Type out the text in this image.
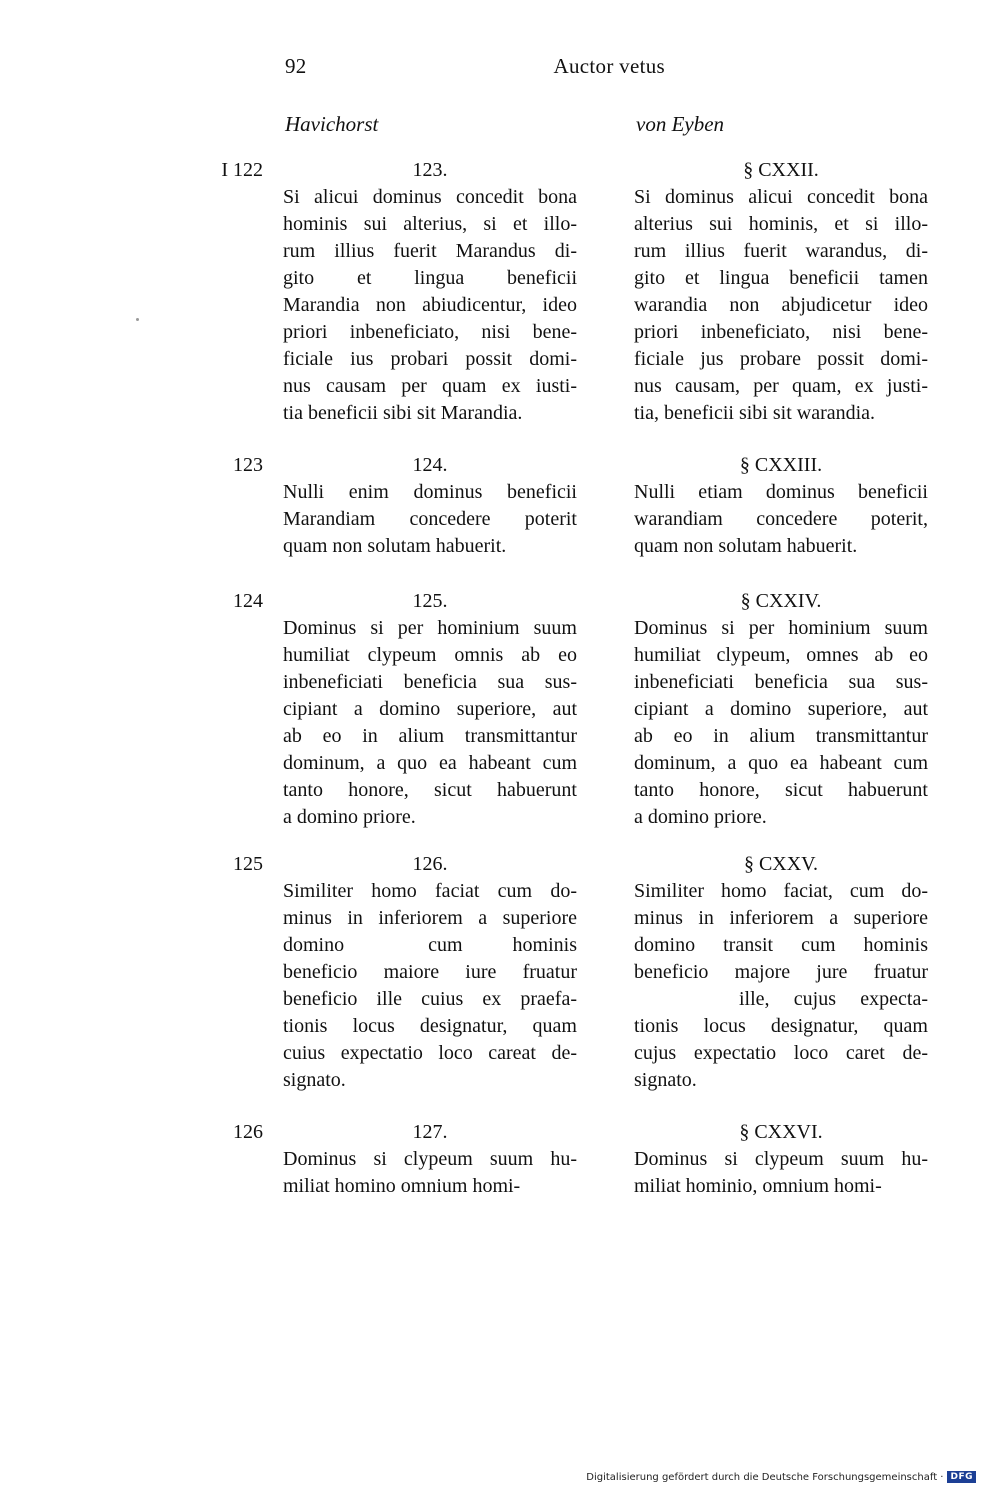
92	Auctor vetus
Havichorst	von Eyben
I 122	123.
Si alicui dominus concedit bona
hominis sui alterius, si et illo-
rum illius fuerit Marandus di-
gito et lingua beneficii
Marandia non abiudicentur, ideo
priori inbeneficiato, nisi bene-
ficiale ius probari possit domi-
nus causam per quam ex iusti-
tia beneficii sibi sit Marandia.
§ CXXII.
Si dominus alicui concedit bona
alterius sui hominis, et si illo-
rum illius fuerit warandus, di-
gito et lingua beneficii tamen
warandia non abjudicetur ideo
priori inbeneficiato, nisi bene-
ficiale jus probare possit domi-
nus causam, per quam, ex justi-
tia, beneficii sibi sit warandia.
123	124.
Nulli enim dominus beneficii
Marandiam concedere poterit
quam non solutam habuerit.
§ CXXIII.
Nulli etiam dominus beneficii
warandiam concedere poterit,
quam non solutam habuerit.
124	125.
Dominus si per hominium suum
humiliat clypeum omnis ab eo
inbeneficiati beneficia sua sus-
cipiant a domino superiore, aut
ab eo in alium transmittantur
dominum, a quo ea habeant cum
tanto honore, sicut habuerunt
a domino priore.
§ CXXIV.
Dominus si per hominium suum
humiliat clypeum, omnes ab eo
inbeneficiati beneficia sua sus-
cipiant a domino superiore, aut
ab eo in alium transmittantur
dominum, a quo ea habeant cum
tanto honore, sicut habuerunt
a domino priore.
125	126.
Similiter homo faciat cum do-
minus in inferiorem a superiore
domino	cum hominis
beneficio maiore iure fruatur
beneficio ille cuius ex praefa-
tionis locus designatur, quam
cuius expectatio loco careat de-
signato.
§ CXXV.
Similiter homo faciat, cum do-
minus in inferiorem a superiore
domino transit cum hominis
beneficio majore jure fruatur
ille, cujus expecta-
tionis locus designatur, quam
cujus expectatio loco caret de-
signato.
126	127.
Dominus si clypeum suum hu-
miliat homino omnium homi-
§ CXXVI.
Dominus si clypeum suum hu-
miliat hominio, omnium homi-
Digitalisierung gefördert durch die Deutsche Forschungsgemeinschaft · DFG
